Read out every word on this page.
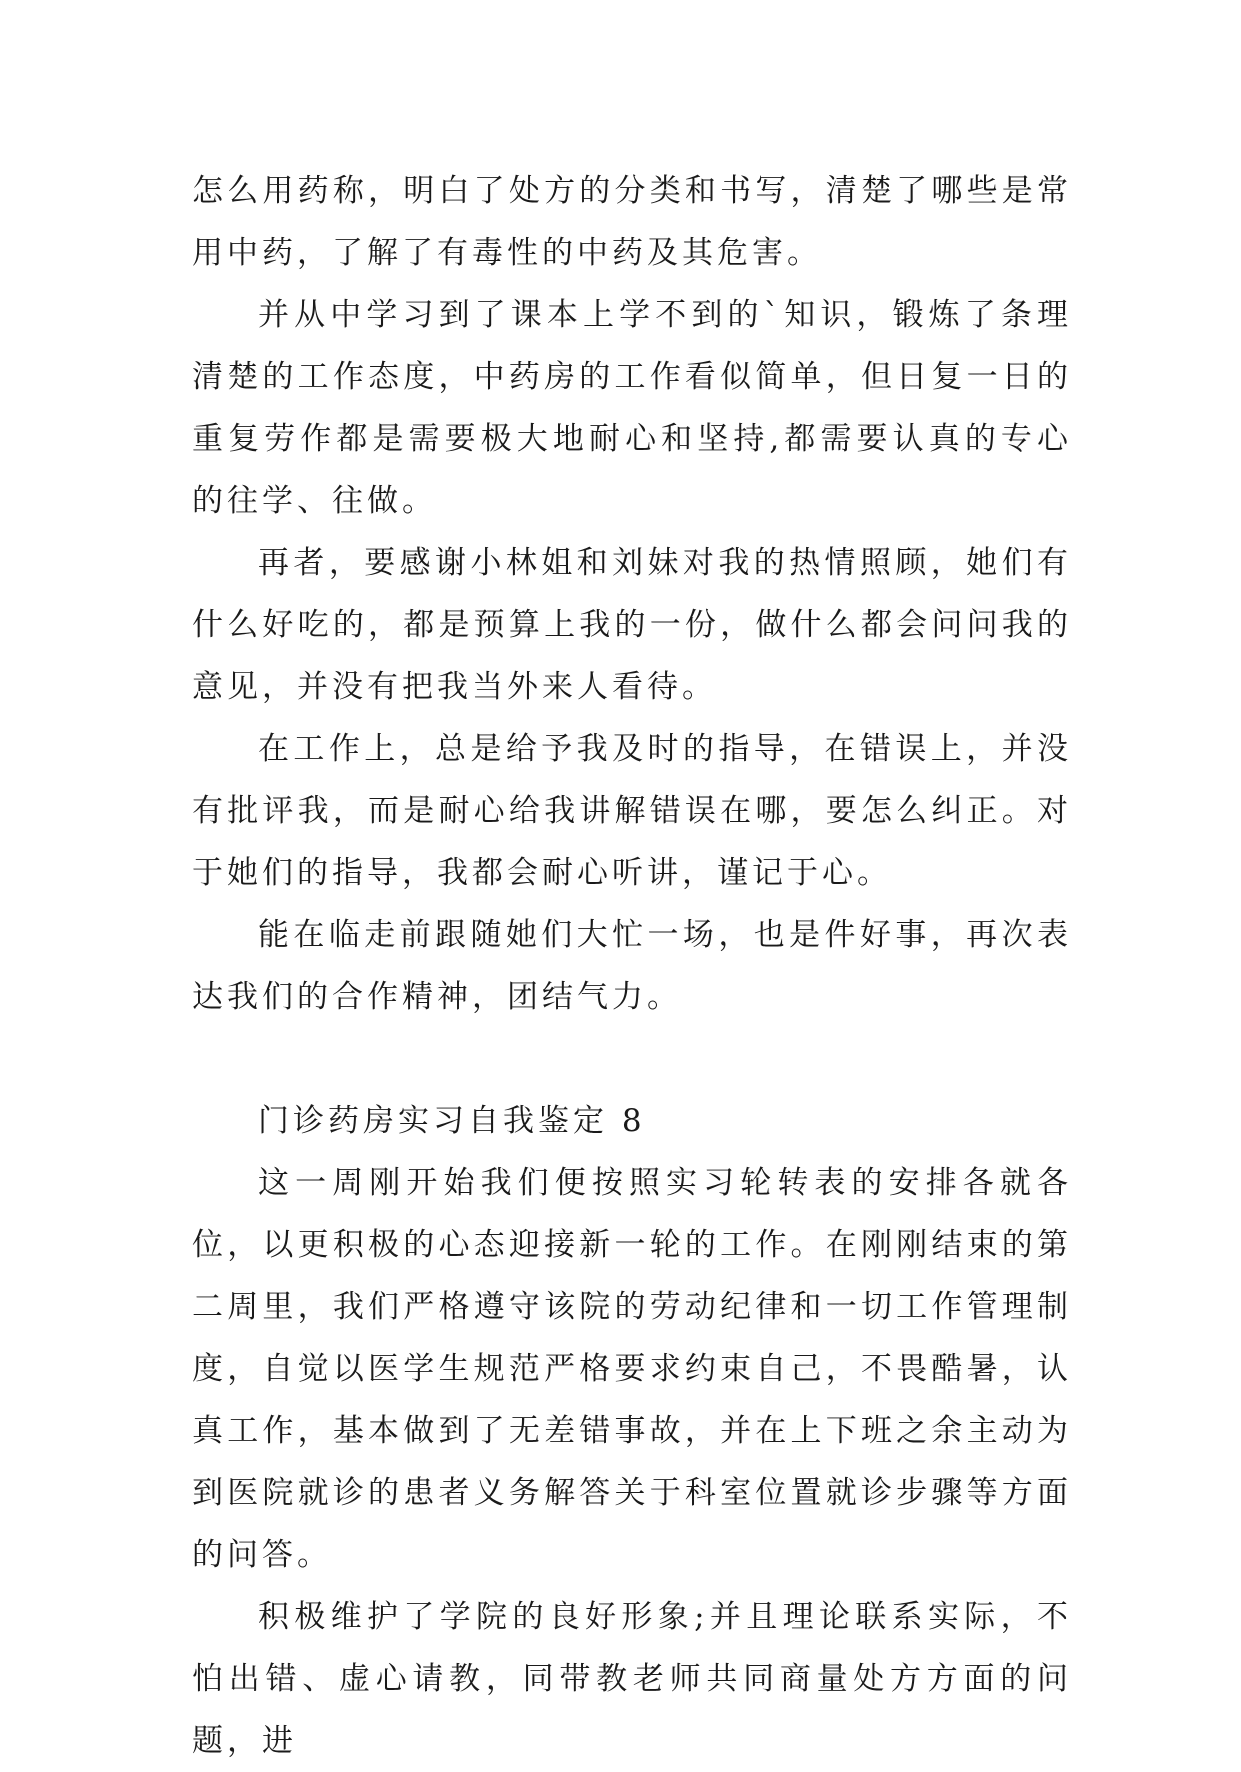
怎么用药称，明白了处方的分类和书写，清楚了哪些是常用中药，了解了有毒性的中药及其危害。

并从中学习到了课本上学不到的`知识，锻炼了条理清楚的工作态度，中药房的工作看似简单，但日复一日的重复劳作都是需要极大地耐心和坚持,都需要认真的专心的往学、往做。

再者，要感谢小林姐和刘妹对我的热情照顾，她们有什么好吃的，都是预算上我的一份，做什么都会问问我的意见，并没有把我当外来人看待。

在工作上，总是给予我及时的指导，在错误上，并没有批评我，而是耐心给我讲解错误在哪，要怎么纠正。对于她们的指导，我都会耐心听讲，谨记于心。

能在临走前跟随她们大忙一场，也是件好事，再次表达我们的合作精神，团结气力。

门诊药房实习自我鉴定 8

这一周刚开始我们便按照实习轮转表的安排各就各位，以更积极的心态迎接新一轮的工作。在刚刚结束的第二周里，我们严格遵守该院的劳动纪律和一切工作管理制度，自觉以医学生规范严格要求约束自己，不畏酷暑，认真工作，基本做到了无差错事故，并在上下班之余主动为到医院就诊的患者义务解答关于科室位置就诊步骤等方面的问答。

积极维护了学院的良好形象;并且理论联系实际，不怕出错、虚心请教，同带教老师共同商量处方方面的问题，进
